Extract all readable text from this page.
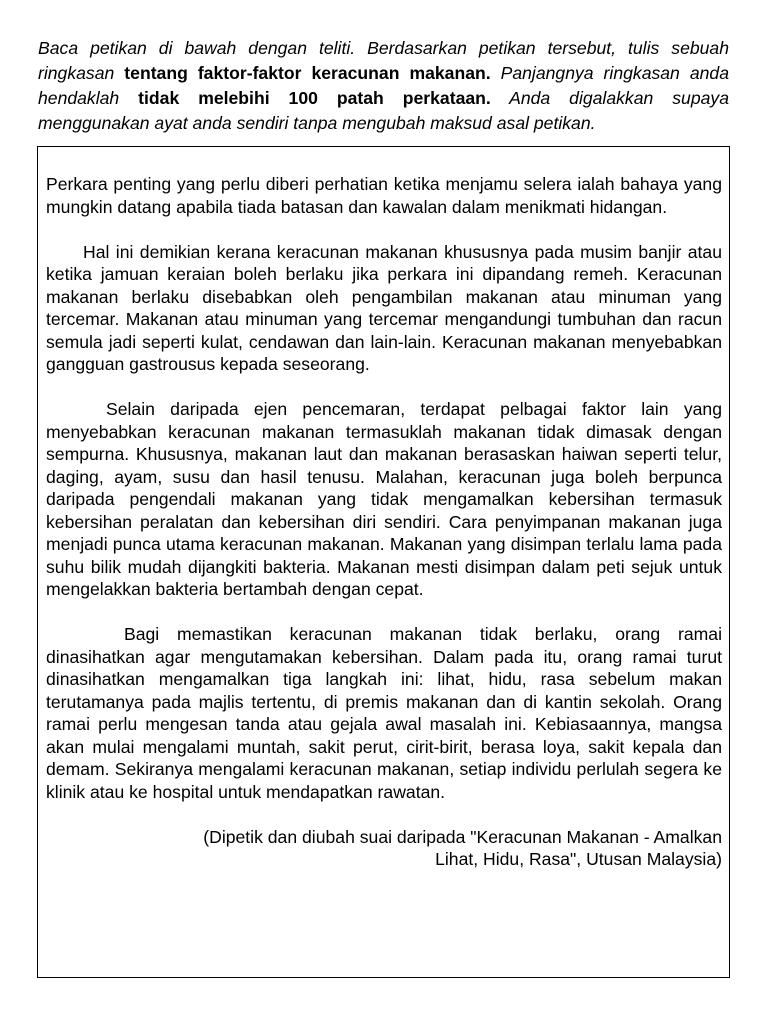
Baca petikan di bawah dengan teliti. Berdasarkan petikan tersebut, tulis sebuah ringkasan tentang faktor-faktor keracunan makanan. Panjangnya ringkasan anda hendaklah tidak melebihi 100 patah perkataan. Anda digalakkan supaya menggunakan ayat anda sendiri tanpa mengubah maksud asal petikan.

Perkara penting yang perlu diberi perhatian ketika menjamu selera ialah bahaya yang mungkin datang apabila tiada batasan dan kawalan dalam menikmati hidangan.

Hal ini demikian kerana keracunan makanan khususnya pada musim banjir atau ketika jamuan keraian boleh berlaku jika perkara ini dipandang remeh. Keracunan makanan berlaku disebabkan oleh pengambilan makanan atau minuman yang tercemar. Makanan atau minuman yang tercemar mengandungi tumbuhan dan racun semula jadi seperti kulat, cendawan dan lain-lain. Keracunan makanan menyebabkan gangguan gastrousus kepada seseorang.

Selain daripada ejen pencemaran, terdapat pelbagai faktor lain yang menyebabkan keracunan makanan termasuklah makanan tidak dimasak dengan sempurna. Khususnya, makanan laut dan makanan berasaskan haiwan seperti telur, daging, ayam, susu dan hasil tenusu. Malahan, keracunan juga boleh berpunca daripada pengendali makanan yang tidak mengamalkan kebersihan termasuk kebersihan peralatan dan kebersihan diri sendiri. Cara penyimpanan makanan juga menjadi punca utama keracunan makanan. Makanan yang disimpan terlalu lama pada suhu bilik mudah dijangkiti bakteria. Makanan mesti disimpan dalam peti sejuk untuk mengelakkan bakteria bertambah dengan cepat.

Bagi memastikan keracunan makanan tidak berlaku, orang ramai dinasihatkan agar mengutamakan kebersihan. Dalam pada itu, orang ramai turut dinasihatkan mengamalkan tiga langkah ini: lihat, hidu, rasa sebelum makan terutamanya pada majlis tertentu, di premis makanan dan di kantin sekolah. Orang ramai perlu mengesan tanda atau gejala awal masalah ini. Kebiasaannya, mangsa akan mulai mengalami muntah, sakit perut, cirit-birit, berasa loya, sakit kepala dan demam. Sekiranya mengalami keracunan makanan, setiap individu perlulah segera ke klinik atau ke hospital untuk mendapatkan rawatan.

(Dipetik dan diubah suai daripada "Keracunan Makanan - Amalkan
Lihat, Hidu, Rasa", Utusan Malaysia)
